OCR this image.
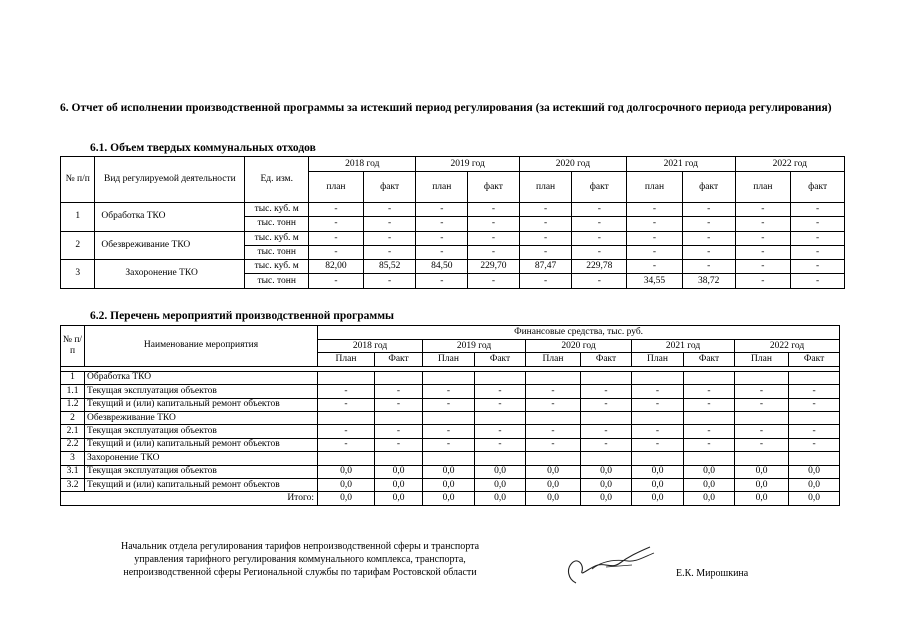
6. Отчет об исполнении производственной программы за истекший период регулирования (за истекший год долгосрочного периода регулирования)
6.1. Объем твердых коммунальных отходов
№ п/п	Вид регулируемой деятельности	Ед. изм.	2018 год		2019 год		2020 год		2021 год		2022 год	
			план	факт	план	факт	план	факт	план	факт	план	факт
1	Обработка ТКО	тыс. куб. м	-	-	-	-	-	-	-	-	-	-
		тыс. тонн	-	-	-	-	-	-	-	-	-	-
2	Обезвреживание ТКО	тыс. куб. м	-	-	-	-	-	-	-	-	-	-
		тыс. тонн	-	-	-	-	-	-	-	-	-	-
3	Захоронение ТКО	тыс. куб. м	82,00	85,52	84,50	229,70	87,47	229,78	-	-	-	-
		тыс. тонн	-	-	-	-	-	-	34,55	38,72	-	-
6.2. Перечень мероприятий производственной программы
№ п/п	Наименование мероприятия	Финансовые средства, тыс. руб.									
		2018 год		2019 год		2020 год		2021 год		2022 год	
		План	Факт	План	Факт	План	Факт	План	Факт	План	Факт

1	Обработка ТКО										
1.1	Текущая эксплуатация объектов	-	-	-	-	-	-	-	-	-	-
1.2	Текущий и (или) капитальный ремонт объектов	-	-	-	-	-	-	-	-	-	-
2	Обезвреживание ТКО										
2.1	Текущая эксплуатация объектов	-	-	-	-	-	-	-	-	-	-
2.2	Текущий и (или) капитальный ремонт объектов	-	-	-	-	-	-	-	-	-	-
3	Захоронение ТКО										
3.1	Текущая эксплуатация объектов	0,0	0,0	0,0	0,0	0,0	0,0	0,0	0,0	0,0	0,0
3.2	Текущий и (или) капитальный ремонт объектов	0,0	0,0	0,0	0,0	0,0	0,0	0,0	0,0	0,0	0,0
Итого:		0,0	0,0	0,0	0,0	0,0	0,0	0,0	0,0	0,0	0,0
Начальник отдела регулирования тарифов непроизводственной сферы и транспорта
управления тарифного регулирования коммунального комплекса, транспорта,
непроизводственной сферы Региональной службы по тарифам Ростовской области	Е.К. Мирошкина
